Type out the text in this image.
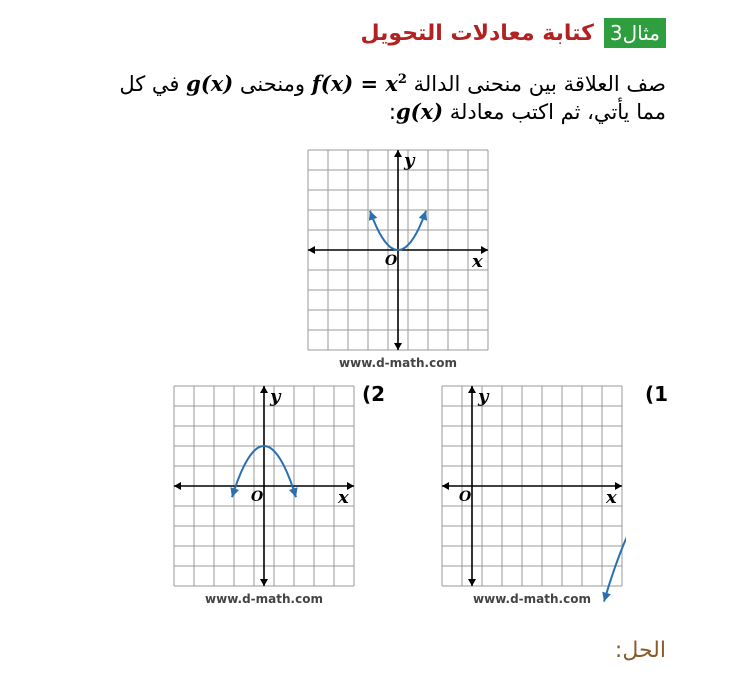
مثال3
كتابة معادلات التحويل
صف العلاقة بين منحنى الدالة $f(x) = x^2$ ومنحنى g(x) في كل
مما يأتي، ثم اكتب معادلة g(x):
x
y
O
www.d-math.com
x
y
O
www.d-math.com
(1
x
y
O
www.d-math.com
(2
الحل:
